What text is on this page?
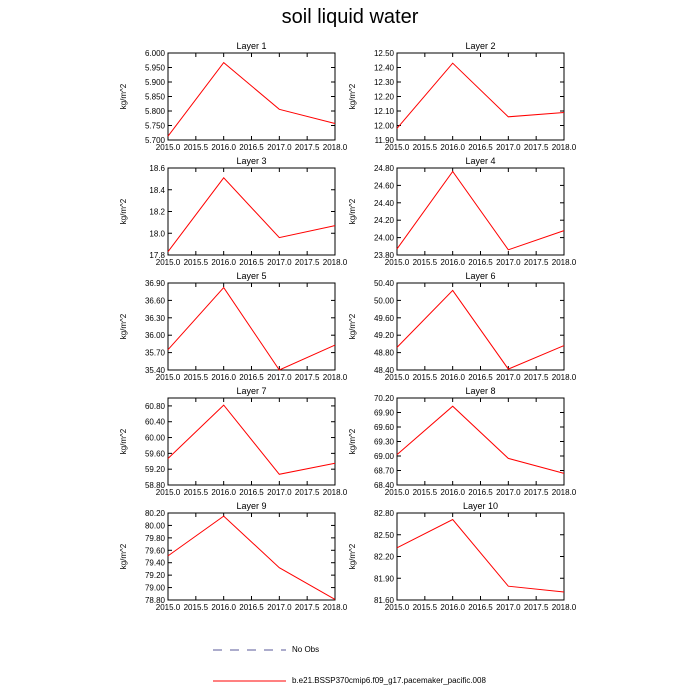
soil liquid water
Layer 1
5.700
5.750
5.800
5.850
5.900
5.950
6.000
2015.0 2015.5 2016.0 2016.5 2017.0 2017.5 2018.0
kg/m^2
Layer 2
11.90
12.00
12.10
12.20
12.30
12.40
12.50
2015.0 2015.5 2016.0 2016.5 2017.0 2017.5 2018.0
kg/m^2
Layer 3
17.8
18.0
18.2
18.4
18.6
2015.0 2015.5 2016.0 2016.5 2017.0 2017.5 2018.0
kg/m^2
Layer 4
23.80
24.00
24.20
24.40
24.60
24.80
2015.0 2015.5 2016.0 2016.5 2017.0 2017.5 2018.0
kg/m^2
Layer 5
35.40
35.70
36.00
36.30
36.60
36.90
2015.0 2015.5 2016.0 2016.5 2017.0 2017.5 2018.0
kg/m^2
Layer 6
48.40
48.80
49.20
49.60
50.00
50.40
2015.0 2015.5 2016.0 2016.5 2017.0 2017.5 2018.0
kg/m^2
Layer 7
58.80
59.20
59.60
60.00
60.40
60.80
2015.0 2015.5 2016.0 2016.5 2017.0 2017.5 2018.0
kg/m^2
Layer 8
68.40
68.70
69.00
69.30
69.60
69.90
70.20
2015.0 2015.5 2016.0 2016.5 2017.0 2017.5 2018.0
kg/m^2
Layer 9
78.80
79.00
79.20
79.40
79.60
79.80
80.00
80.20
2015.0 2015.5 2016.0 2016.5 2017.0 2017.5 2018.0
kg/m^2
Layer 10
81.60
81.90
82.20
82.50
82.80
2015.0 2015.5 2016.0 2016.5 2017.0 2017.5 2018.0
kg/m^2
No Obs
b.e21.BSSP370cmip6.f09_g17.pacemaker_pacific.008
